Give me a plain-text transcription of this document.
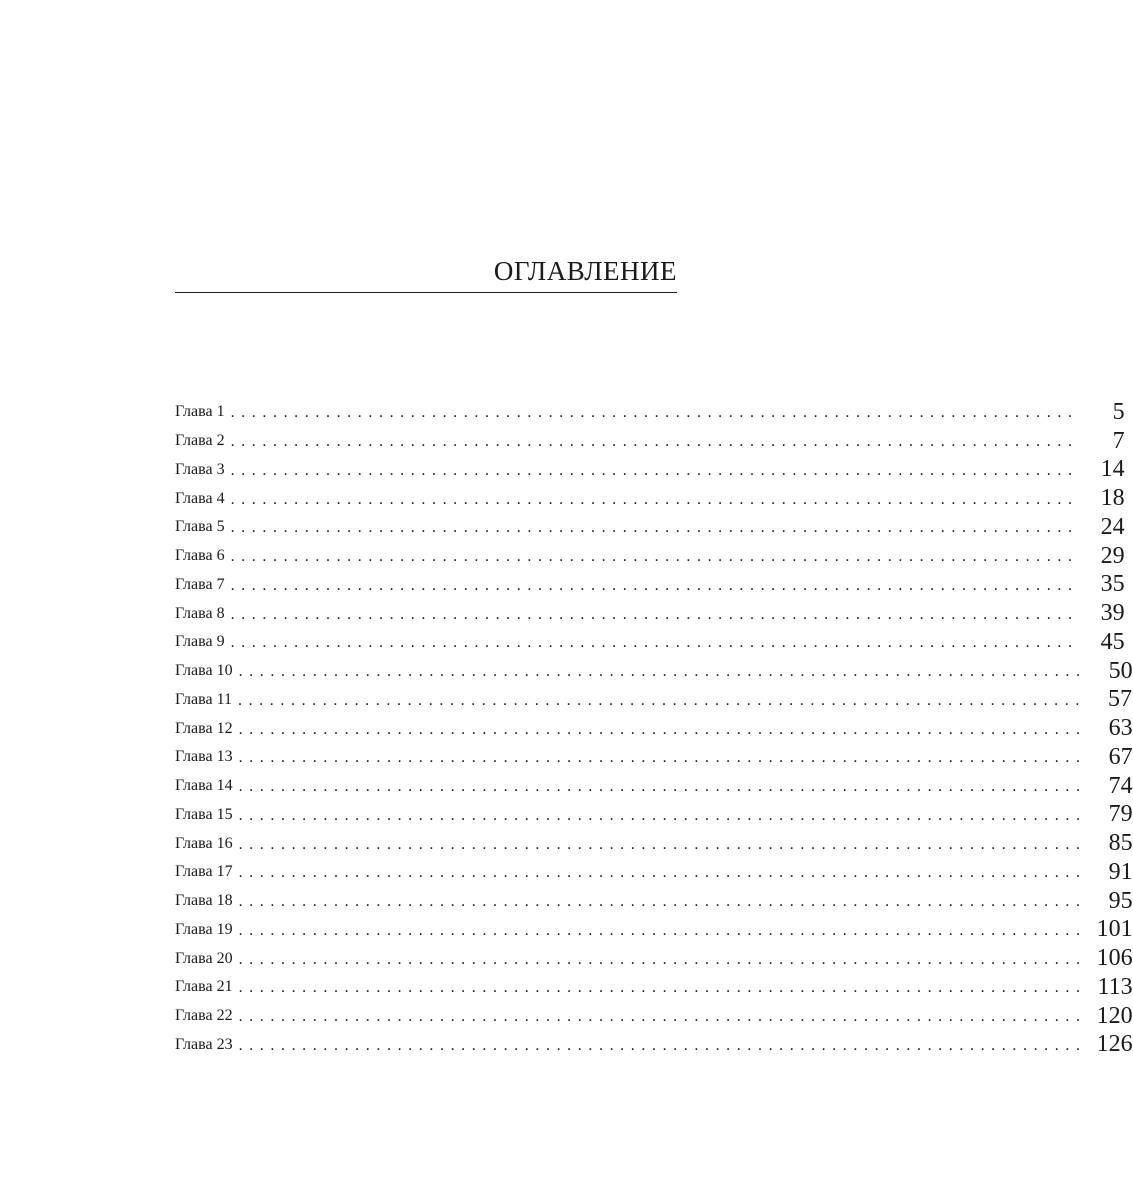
ОГЛАВЛЕНИЕ
Глава 1 ................................................................................	5
Глава 2 ................................................................................	7
Глава 3 ................................................................................ 14
Глава 4 ................................................................................ 18
Глава 5 ................................................................................ 24
Глава 6 ................................................................................ 29
Глава 7 ................................................................................ 35
Глава 8 ................................................................................ 39
Глава 9 ................................................................................ 45
Глава 10 ................................................................................ 50
Глава 11 ................................................................................ 57
Глава 12 ................................................................................ 63
Глава 13 ................................................................................ 67
Глава 14 ................................................................................ 74
Глава 15 ................................................................................ 79
Глава 16 ................................................................................ 85
Глава 17 ................................................................................ 91
Глава 18 ................................................................................ 95
Глава 19 ................................................................................ 101
Глава 20 ................................................................................ 106
Глава 21 ................................................................................ 113
Глава 22 ................................................................................ 120
Глава 23 ................................................................................ 126
